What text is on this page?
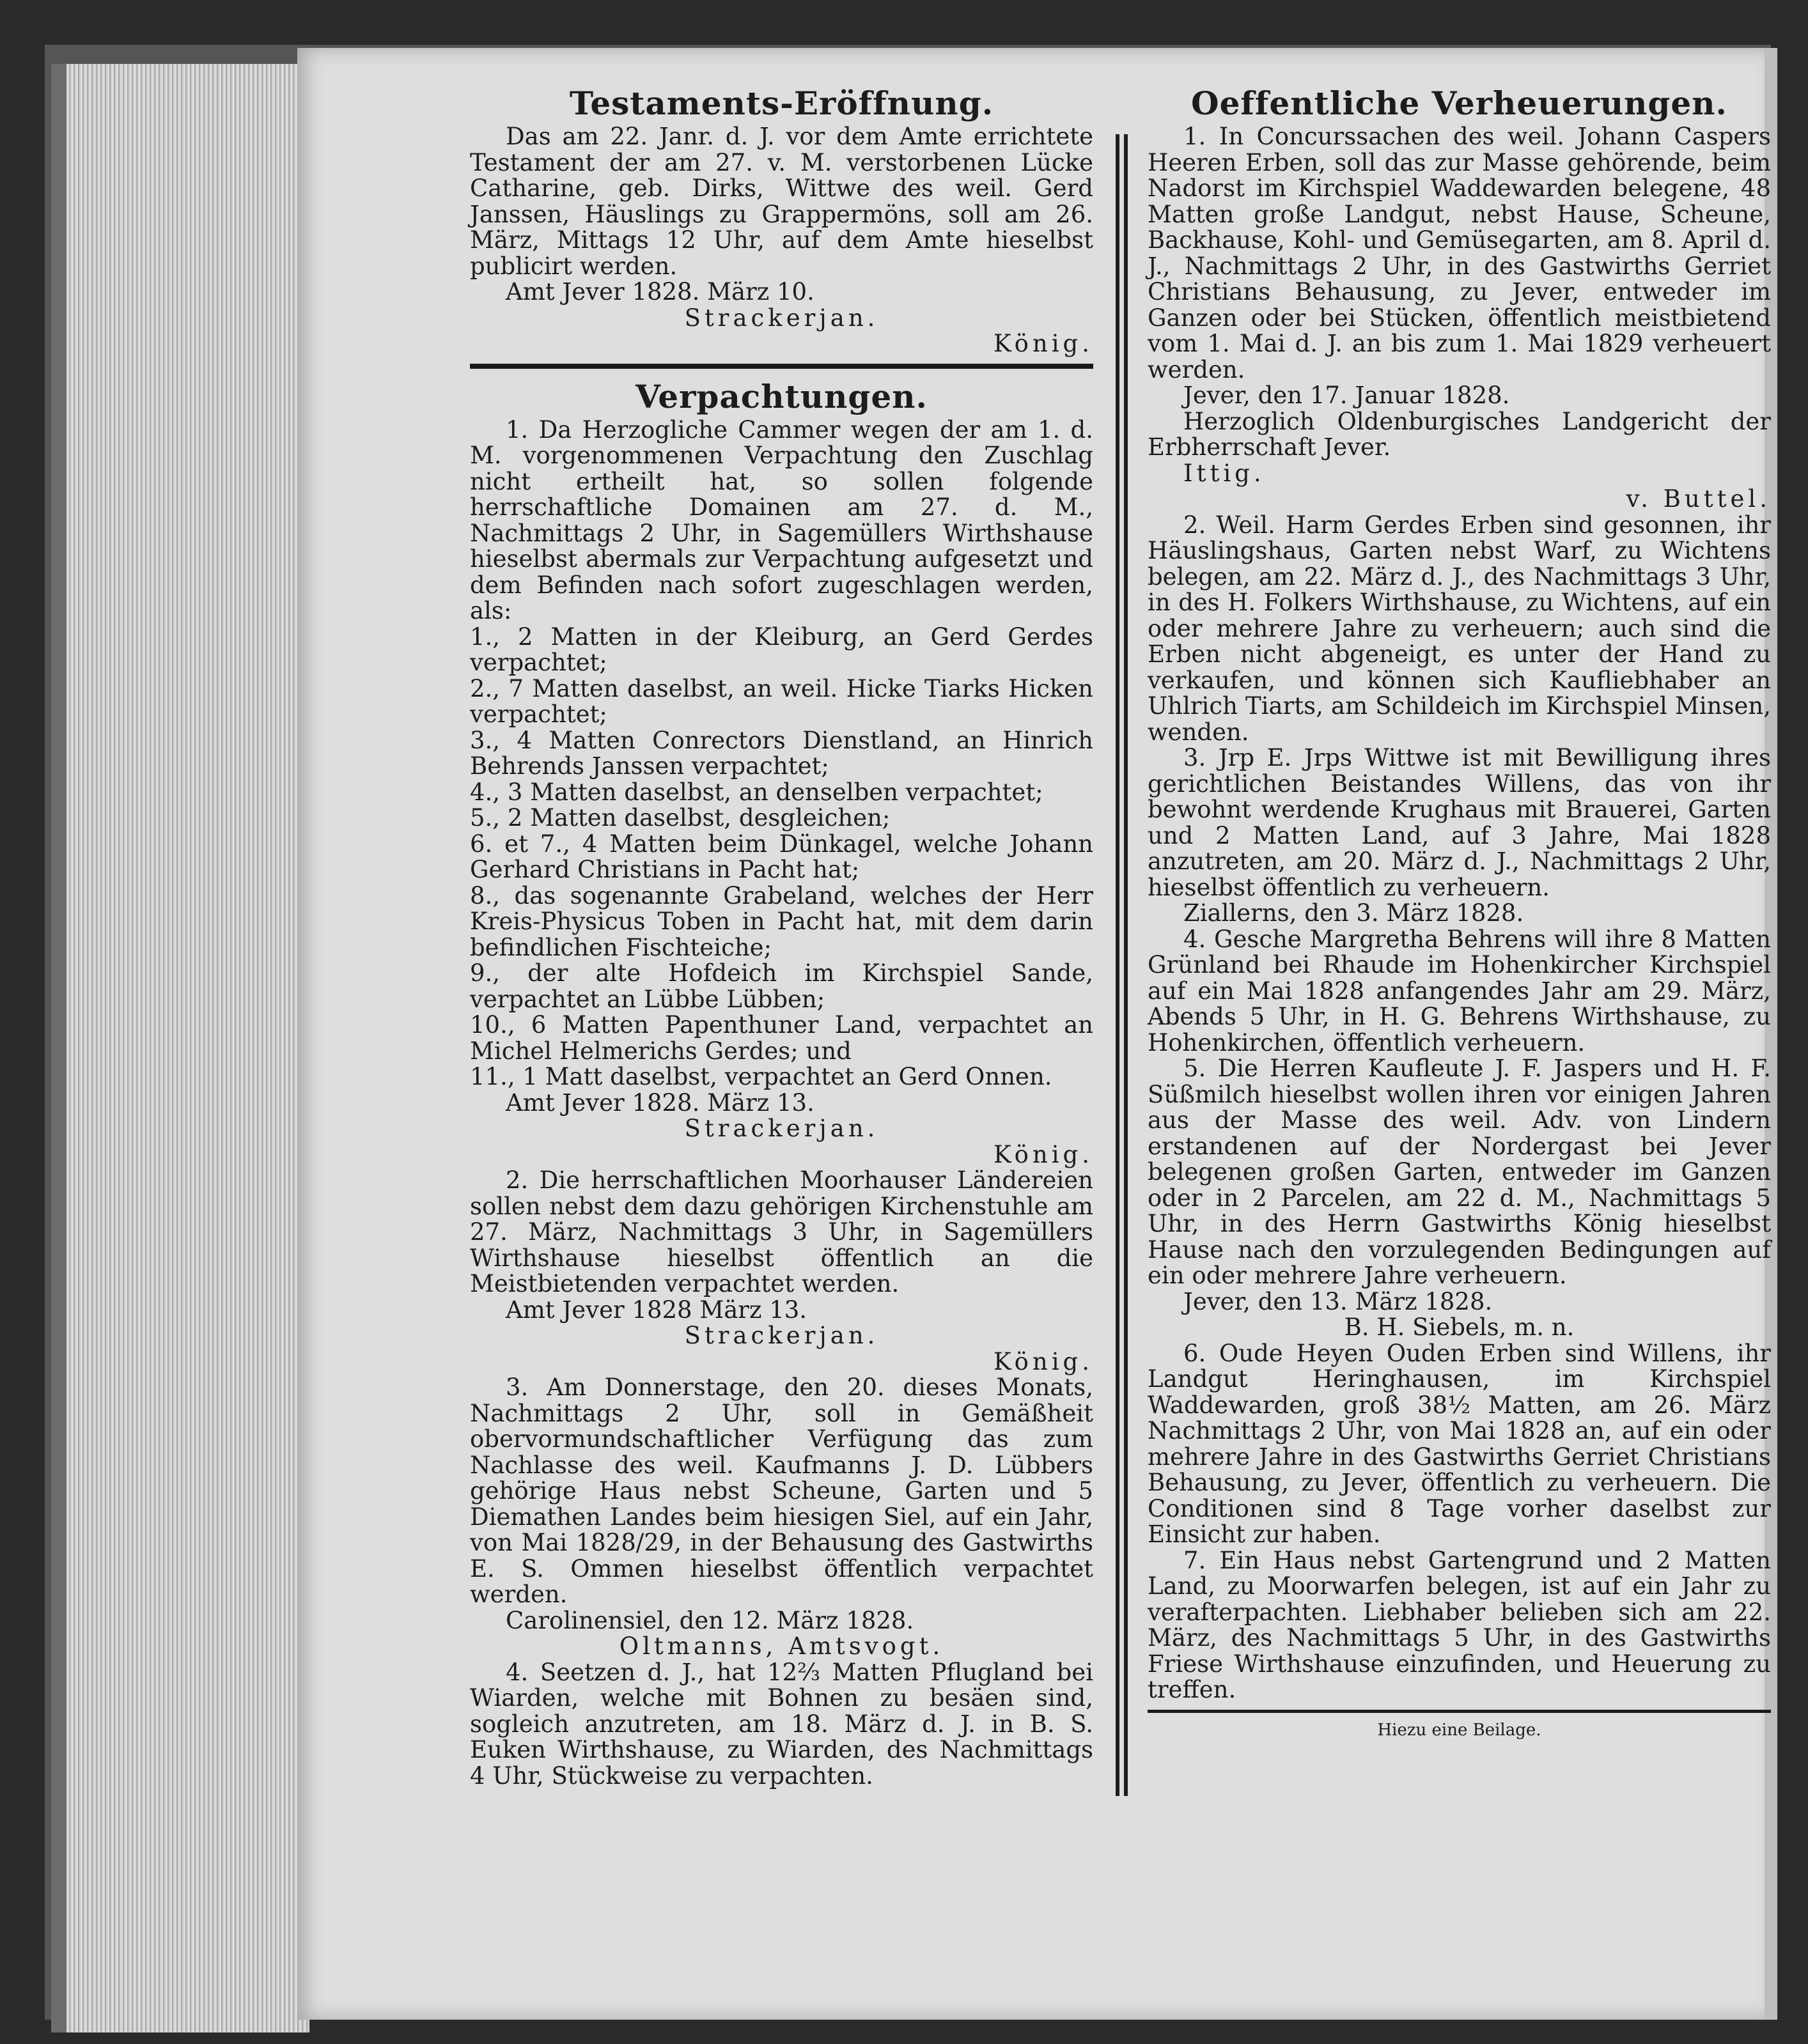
Testaments-Eröffnung.

Das am 22. Janr. d. J. vor dem Amte errichtete Testament der am 27. v. M. verstorbenen Lücke Catharine, geb. Dirks, Wittwe des weil. Gerd Janssen, Häuslings zu Grappermöns, soll am 26. März, Mittags 12 Uhr, auf dem Amte hieselbst publicirt werden.

Amt Jever 1828. März 10.

Strackerjan.

König.

Verpachtungen.

1. Da Herzogliche Cammer wegen der am 1. d. M. vorgenommenen Verpachtung den Zuschlag nicht ertheilt hat, so sollen folgende herrschaftliche Domainen am 27. d. M., Nachmittags 2 Uhr, in Sagemüllers Wirthshause hieselbst abermals zur Verpachtung aufgesetzt und dem Befinden nach sofort zugeschlagen werden, als:

1., 2 Matten in der Kleiburg, an Gerd Gerdes verpachtet;

2., 7 Matten daselbst, an weil. Hicke Tiarks Hicken verpachtet;

3., 4 Matten Conrectors Dienstland, an Hinrich Behrends Janssen verpachtet;

4., 3 Matten daselbst, an denselben verpachtet;

5., 2 Matten daselbst, desgleichen;

6. et 7., 4 Matten beim Dünkagel, welche Johann Gerhard Christians in Pacht hat;

8., das sogenannte Grabeland, welches der Herr Kreis-Physicus Toben in Pacht hat, mit dem darin befindlichen Fischteiche;

9., der alte Hofdeich im Kirchspiel Sande, verpachtet an Lübbe Lübben;

10., 6 Matten Papenthuner Land, verpachtet an Michel Helmerichs Gerdes; und

11., 1 Matt daselbst, verpachtet an Gerd Onnen.

Amt Jever 1828. März 13.

Strackerjan.

König.

2. Die herrschaftlichen Moorhauser Ländereien sollen nebst dem dazu gehörigen Kirchenstuhle am 27. März, Nachmittags 3 Uhr, in Sagemüllers Wirthshause hieselbst öffentlich an die Meistbietenden verpachtet werden.

Amt Jever 1828 März 13.

Strackerjan.

König.

3. Am Donnerstage, den 20. dieses Monats, Nachmittags 2 Uhr, soll in Gemäßheit obervormundschaftlicher Verfügung das zum Nachlasse des weil. Kaufmanns J. D. Lübbers gehörige Haus nebst Scheune, Garten und 5 Diemathen Landes beim hiesigen Siel, auf ein Jahr, von Mai 1828/29, in der Behausung des Gastwirths E. S. Ommen hieselbst öffentlich verpachtet werden.

Carolinensiel, den 12. März 1828.

Oltmanns, Amtsvogt.

4. Seetzen d. J., hat 12⅔ Matten Pflugland bei Wiarden, welche mit Bohnen zu besäen sind, sogleich anzutreten, am 18. März d. J. in B. S. Euken Wirthshause, zu Wiarden, des Nachmittags 4 Uhr, Stückweise zu verpachten.

Oeffentliche Verheuerungen.

1. In Concurssachen des weil. Johann Caspers Heeren Erben, soll das zur Masse gehörende, beim Nadorst im Kirchspiel Waddewarden belegene, 48 Matten große Landgut, nebst Hause, Scheune, Backhause, Kohl- und Gemüsegarten, am 8. April d. J., Nachmittags 2 Uhr, in des Gastwirths Gerriet Christians Behausung, zu Jever, entweder im Ganzen oder bei Stücken, öffentlich meistbietend vom 1. Mai d. J. an bis zum 1. Mai 1829 verheuert werden.

Jever, den 17. Januar 1828.

Herzoglich Oldenburgisches Landgericht der Erbherrschaft Jever.

Ittig.

v. Buttel.

2. Weil. Harm Gerdes Erben sind gesonnen, ihr Häuslingshaus, Garten nebst Warf, zu Wichtens belegen, am 22. März d. J., des Nachmittags 3 Uhr, in des H. Folkers Wirthshause, zu Wichtens, auf ein oder mehrere Jahre zu verheuern; auch sind die Erben nicht abgeneigt, es unter der Hand zu verkaufen, und können sich Kaufliebhaber an Uhlrich Tiarts, am Schildeich im Kirchspiel Minsen, wenden.

3. Jrp E. Jrps Wittwe ist mit Bewilligung ihres gerichtlichen Beistandes Willens, das von ihr bewohnt werdende Krughaus mit Brauerei, Garten und 2 Matten Land, auf 3 Jahre, Mai 1828 anzutreten, am 20. März d. J., Nachmittags 2 Uhr, hieselbst öffentlich zu verheuern.

Ziallerns, den 3. März 1828.

4. Gesche Margretha Behrens will ihre 8 Matten Grünland bei Rhaude im Hohenkircher Kirchspiel auf ein Mai 1828 anfangendes Jahr am 29. März, Abends 5 Uhr, in H. G. Behrens Wirthshause, zu Hohenkirchen, öffentlich verheuern.

5. Die Herren Kaufleute J. F. Jaspers und H. F. Süßmilch hieselbst wollen ihren vor einigen Jahren aus der Masse des weil. Adv. von Lindern erstandenen auf der Nordergast bei Jever belegenen großen Garten, entweder im Ganzen oder in 2 Parcelen, am 22 d. M., Nachmittags 5 Uhr, in des Herrn Gastwirths König hieselbst Hause nach den vorzulegenden Bedingungen auf ein oder mehrere Jahre verheuern.

Jever, den 13. März 1828.

B. H. Siebels, m. n.

6. Oude Heyen Ouden Erben sind Willens, ihr Landgut Heringhausen, im Kirchspiel Waddewarden, groß 38½ Matten, am 26. März Nachmittags 2 Uhr, von Mai 1828 an, auf ein oder mehrere Jahre in des Gastwirths Gerriet Christians Behausung, zu Jever, öffentlich zu verheuern. Die Conditionen sind 8 Tage vorher daselbst zur Einsicht zur haben.

7. Ein Haus nebst Gartengrund und 2 Matten Land, zu Moorwarfen belegen, ist auf ein Jahr zu verafterpachten. Liebhaber belieben sich am 22. März, des Nachmittags 5 Uhr, in des Gastwirths Friese Wirthshause einzufinden, und Heuerung zu treffen.

Hiezu eine Beilage.
